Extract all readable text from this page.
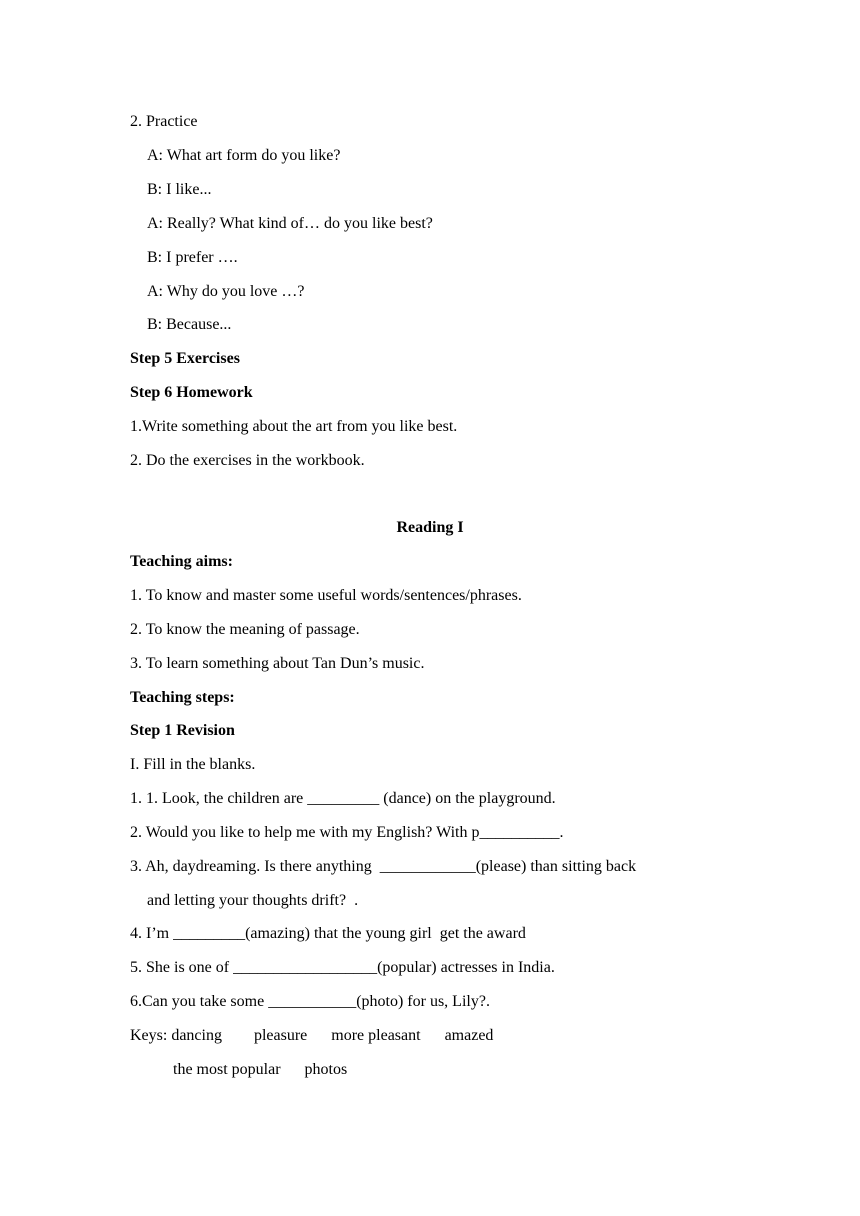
2. Practice
A: What art form do you like?
B: I like...
A: Really? What kind of… do you like best?
B: I prefer ….
A: Why do you love …?
B: Because...
Step 5 Exercises
Step 6 Homework
1.Write something about the art from you like best.
2. Do the exercises in the workbook.
Reading I
Teaching aims:
1. To know and master some useful words/sentences/phrases.
2. To know the meaning of passage.
3. To learn something about Tan Dun’s music.
Teaching steps:
Step 1 Revision
I. Fill in the blanks.
1. 1. Look, the children are _________ (dance) on the playground.
2. Would you like to help me with my English? With p__________.
3. Ah, daydreaming. Is there anything  ____________(please) than sitting back
and letting your thoughts drift?  .
4. I’m _________(amazing) that the young girl  get the award
5. She is one of __________________(popular) actresses in India.
6.Can you take some ___________(photo) for us, Lily?.
Keys: dancing        pleasure      more pleasant      amazed
the most popular      photos
